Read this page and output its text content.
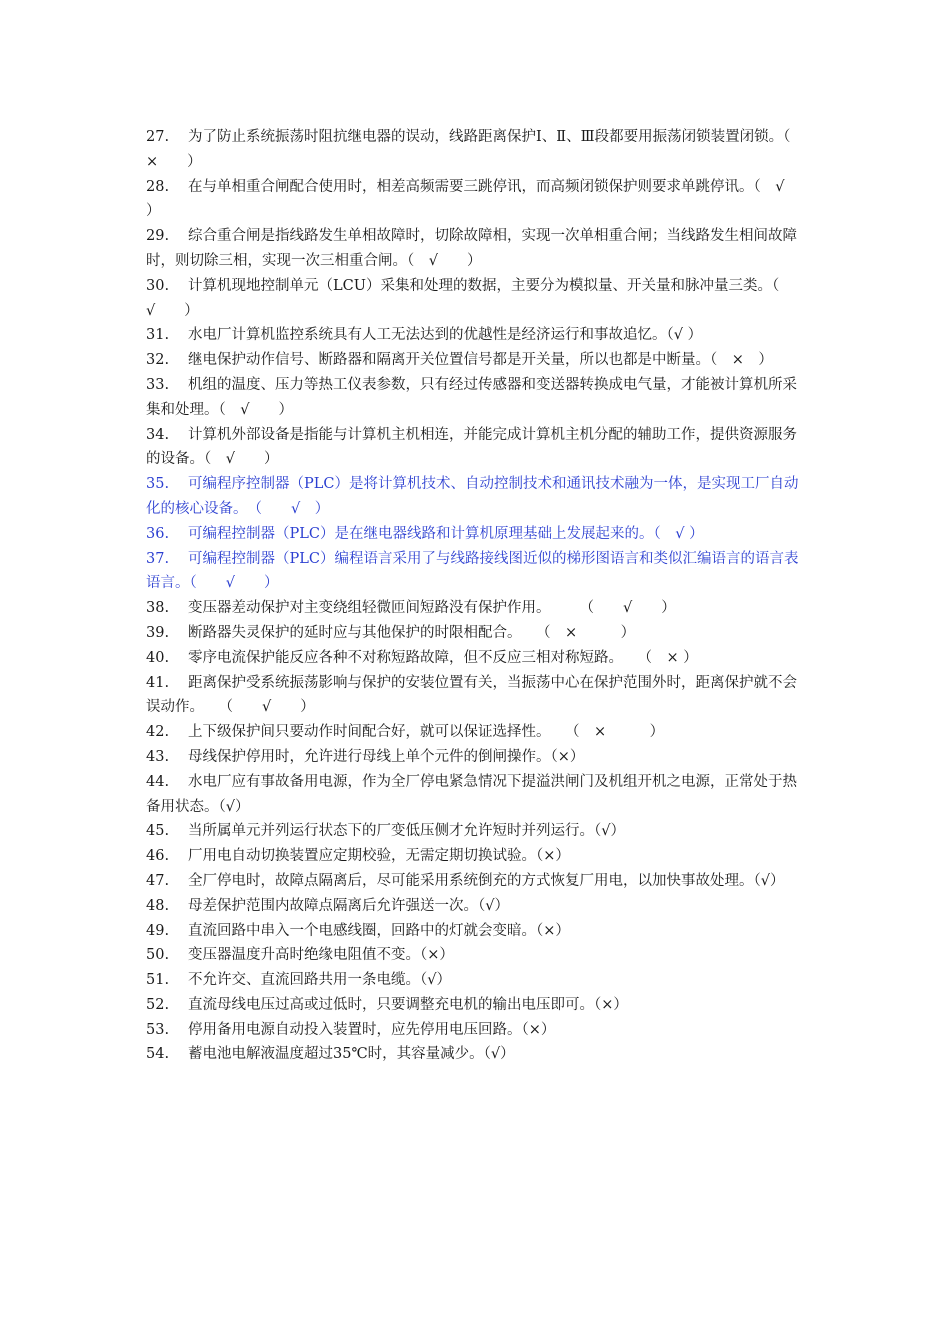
27. 为了防止系统振荡时阻抗继电器的误动，线路距离保护Ⅰ、Ⅱ、Ⅲ段都要用振荡闭锁装置闭锁。（　×　　）
28. 在与单相重合闸配合使用时，相差高频需要三跳停讯，而高频闭锁保护则要求单跳停讯。（　√　　）
29. 综合重合闸是指线路发生单相故障时，切除故障相，实现一次单相重合闸；当线路发生相间故障时，则切除三相，实现一次三相重合闸。（　√　　）
30. 计算机现地控制单元（LCU）采集和处理的数据，主要分为模拟量、开关量和脉冲量三类。（　√　　）
31. 水电厂计算机监控系统具有人工无法达到的优越性是经济运行和事故追忆。（√ ）
32. 继电保护动作信号、断路器和隔离开关位置信号都是开关量，所以也都是中断量。（　×　）
33. 机组的温度、压力等热工仪表参数，只有经过传感器和变送器转换成电气量，才能被计算机所采集和处理。（　√　　）
34. 计算机外部设备是指能与计算机主机相连，并能完成计算机主机分配的辅助工作，提供资源服务的设备。（　√　　）
35. 可编程序控制器（PLC）是将计算机技术、自动控制技术和通讯技术融为一体，是实现工厂自动化的核心设备。　（　　√　）
36. 可编程控制器（PLC）是在继电器线路和计算机原理基础上发展起来的。（　√ ）
37. 可编程控制器（PLC）编程语言采用了与线路接线图近似的梯形图语言和类似汇编语言的语言表语言。（　　√　　）
38. 变压器差动保护对主变绕组轻微匝间短路没有保护作用。　　　（　　√　　）
39. 断路器失灵保护的延时应与其他保护的时限相配合。　　（　×　　　）
40. 零序电流保护能反应各种不对称短路故障，但不反应三相对称短路。　　（　× ）
41. 距离保护受系统振荡影响与保护的安装位置有关，当振荡中心在保护范围外时，距离保护就不会误动作。　　（　　√　　）
42. 上下级保护间只要动作时间配合好，就可以保证选择性。　　（　×　　　）
43. 母线保护停用时，允许进行母线上单个元件的倒闸操作。（×）
44. 水电厂应有事故备用电源，作为全厂停电紧急情况下提溢洪闸门及机组开机之电源，正常处于热备用状态。（√）
45. 当所属单元并列运行状态下的厂变低压侧才允许短时并列运行。（√）
46. 厂用电自动切换装置应定期校验，无需定期切换试验。（×）
47. 全厂停电时，故障点隔离后，尽可能采用系统倒充的方式恢复厂用电，以加快事故处理。（√）
48. 母差保护范围内故障点隔离后允许强送一次。（√）
49. 直流回路中串入一个电感线圈，回路中的灯就会变暗。（×）
50. 变压器温度升高时绝缘电阻值不变。（×）
51. 不允许交、直流回路共用一条电缆。（√）
52. 直流母线电压过高或过低时，只要调整充电机的输出电压即可。（×）
53. 停用备用电源自动投入装置时，应先停用电压回路。（×）
54. 蓄电池电解液温度超过35℃时，其容量减少。（√）
